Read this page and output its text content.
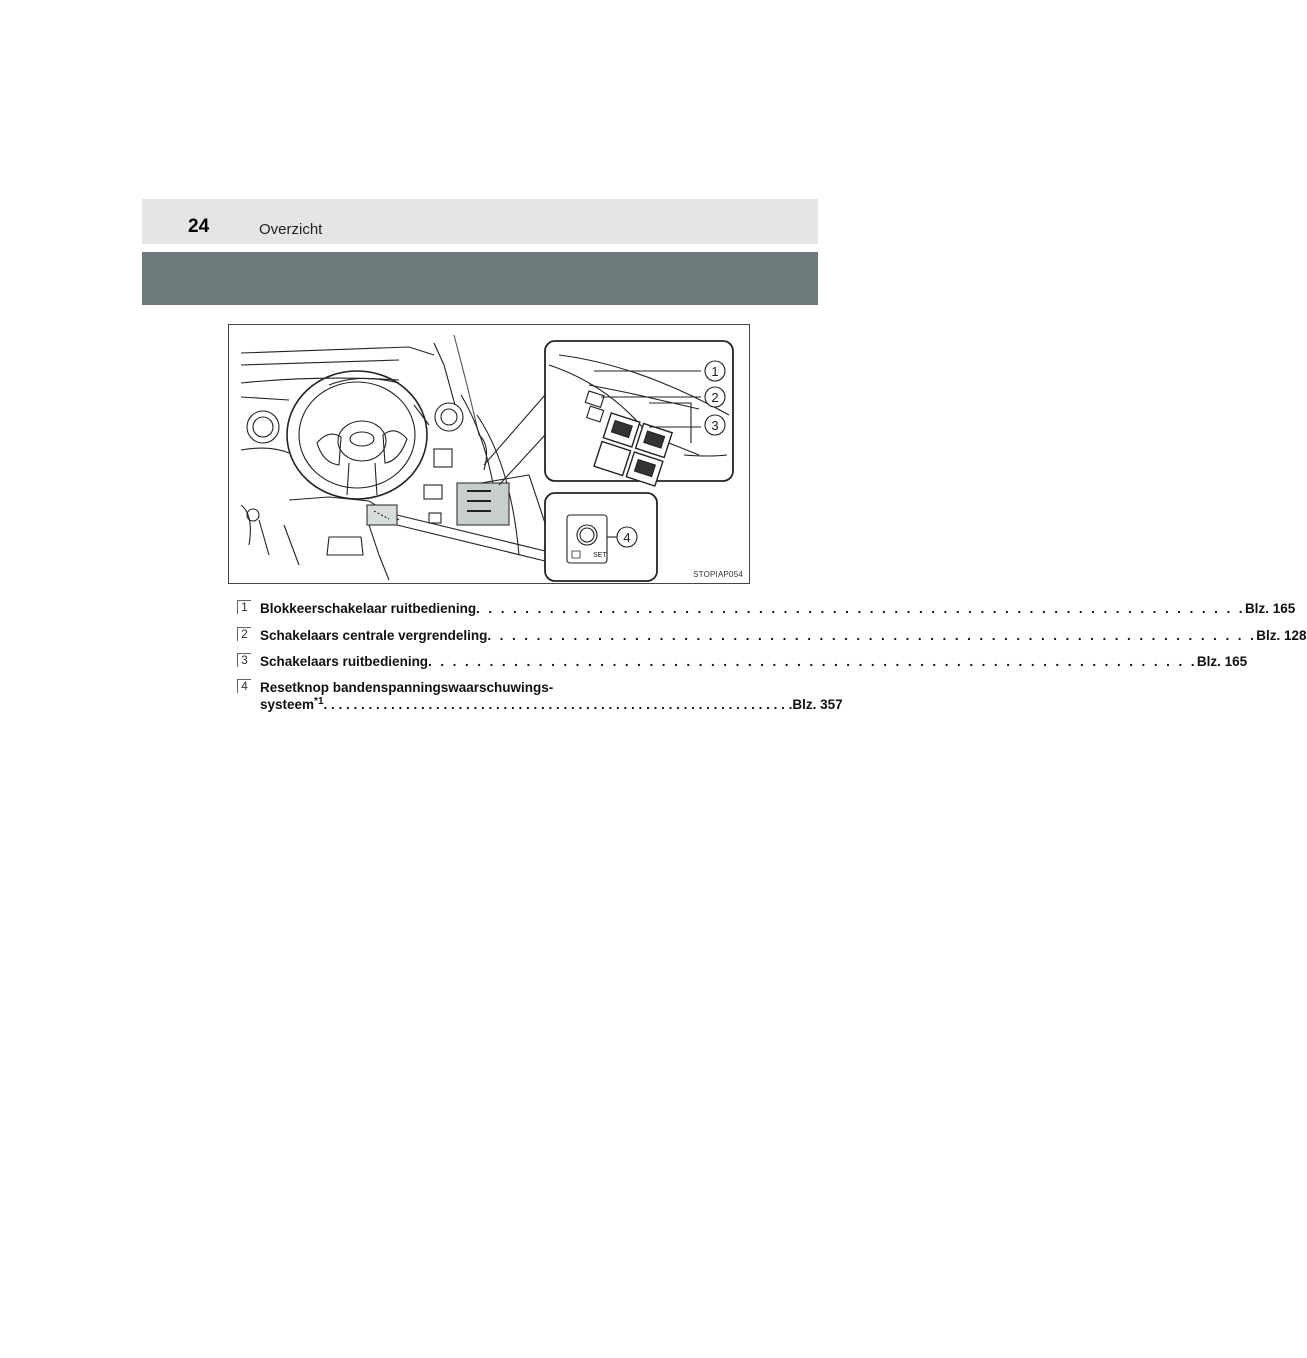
24	Overzicht
1
2
3
4
SET
STOPIAP054
1 Blokkeerschakelaar ruitbediening . . . . . . . . . . . . . . . . . . . . . . . . . . . . . . . . . . . . . . . . . . . . . . . . . . . . . . . . . . . . . . . Blz. 165
2 Schakelaars centrale vergrendeling . . . . . . . . . . . . . . . . . . . . . . . . . . . . . . . . . . . . . . . . . . . . . . . . . . . . . . . . . . . . . . . Blz. 128
3 Schakelaars ruitbediening . . . . . . . . . . . . . . . . . . . . . . . . . . . . . . . . . . . . . . . . . . . . . . . . . . . . . . . . . . . . . . . Blz. 165
4 Resetknop bandenspanningswaarschuwings-
systeem$^{*1}$ . . . . . . . . . . . . . . . . . . . . . . . . . . . . . . . . . . . . . . . . . . . . . . . . . . . . . . . . . . . . . . . Blz. 357
